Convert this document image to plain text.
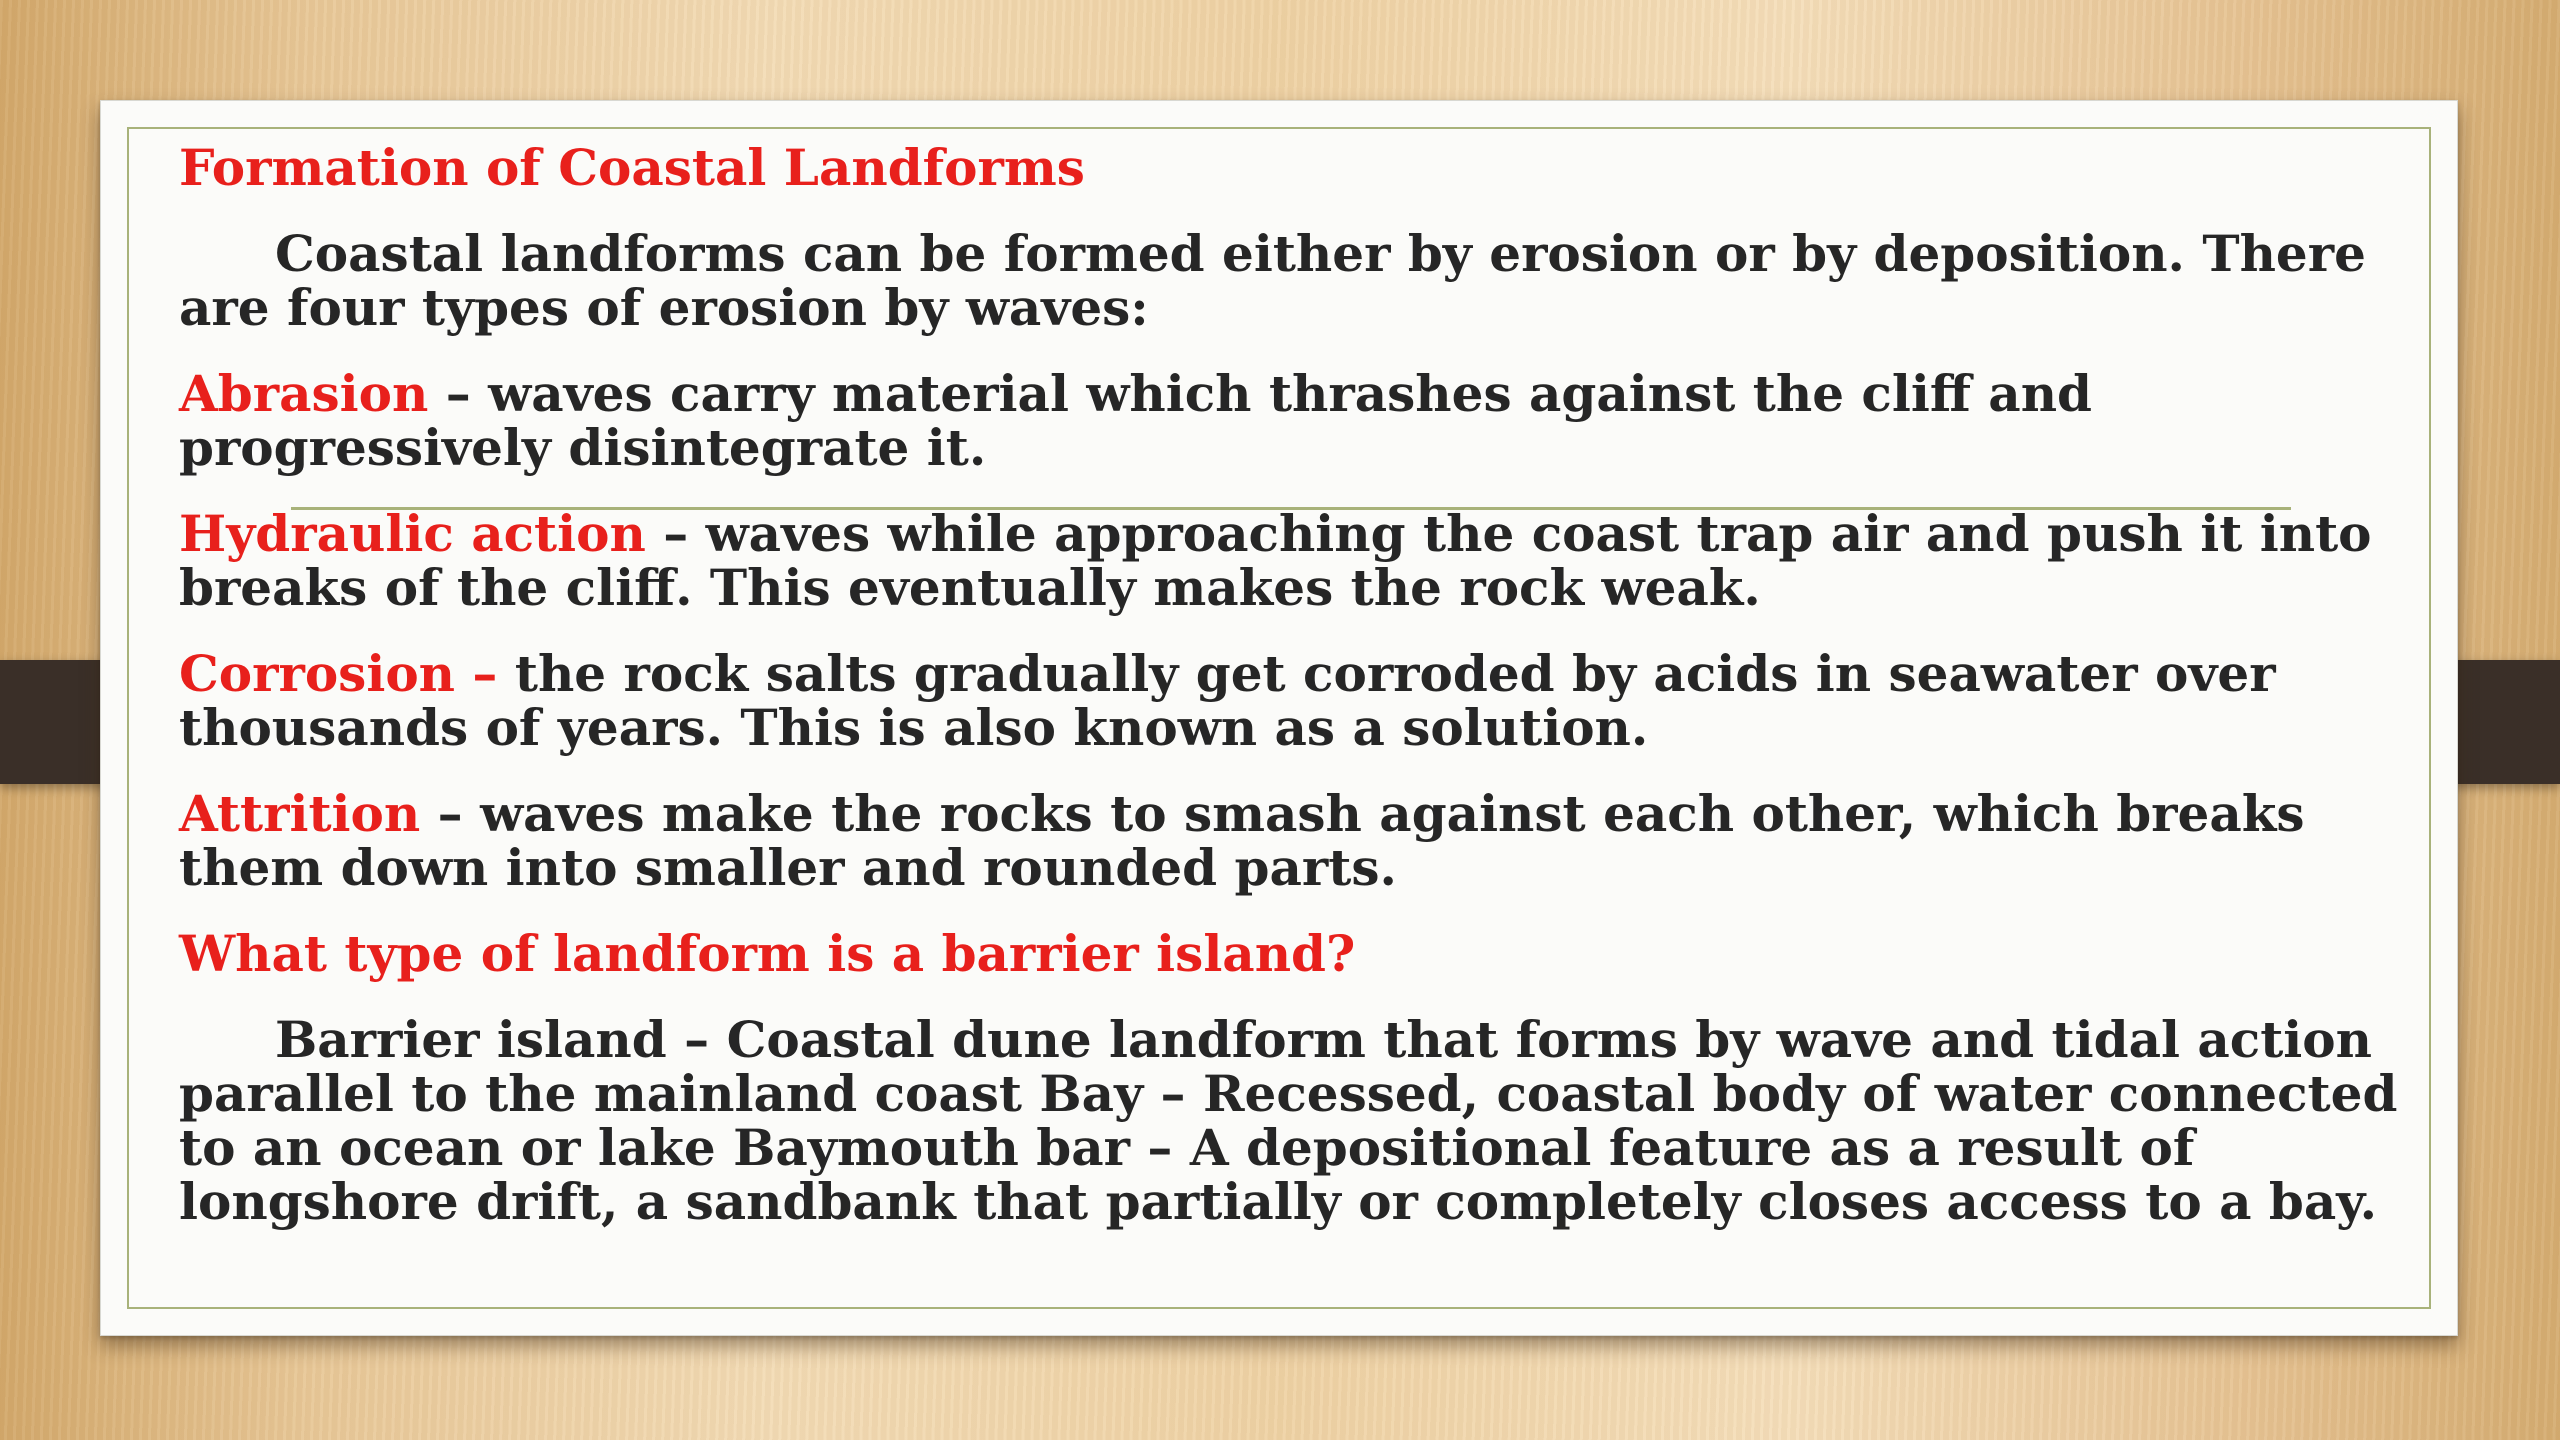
Formation of Coastal Landforms

Coastal landforms can be formed either by erosion or by deposition. There are four types of erosion by waves:

Abrasion – waves carry material which thrashes against the cliff and progressively disintegrate it.

Hydraulic action – waves while approaching the coast trap air and push it into breaks of the cliff. This eventually makes the rock weak.

Corrosion – the rock salts gradually get corroded by acids in seawater over thousands of years. This is also known as a solution.

Attrition – waves make the rocks to smash against each other, which breaks them down into smaller and rounded parts.

What type of landform is a barrier island?

Barrier island – Coastal dune landform that forms by wave and tidal action parallel to the mainland coast Bay – Recessed, coastal body of water connected to an ocean or lake Baymouth bar – A depositional feature as a result of longshore drift, a sandbank that partially or completely closes access to a bay.
